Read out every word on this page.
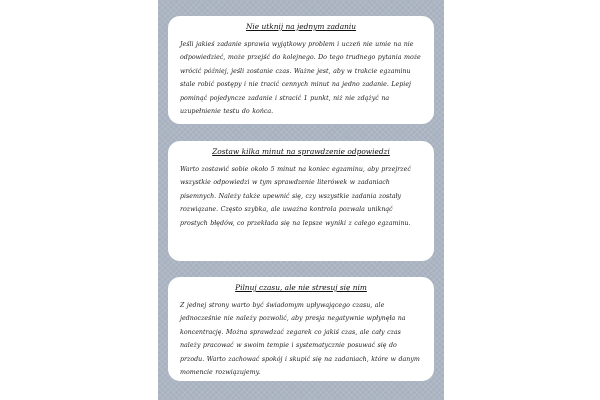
Nie utknij na jednym zadaniu

Jeśli jakieś zadanie sprawia wyjątkowy problem i uczeń nie umie na nie odpowiedzieć, może przejść do kolejnego. Do tego trudnego pytania może wrócić później, jeśli zostanie czas. Ważne jest, aby w trakcie egzaminu stale robić postępy i nie tracić cennych minut na jedno zadanie. Lepiej pominąć pojedyncze zadanie i stracić 1 punkt, niż nie zdążyć na uzupełnienie testu do końca.

Zostaw kilka minut na sprawdzenie odpowiedzi

Warto zostawić sobie około 5 minut na koniec egzaminu, aby przejrzeć wszystkie odpowiedzi w tym sprawdzenie literówek w zadaniach pisemnych. Należy także upewnić się, czy wszystkie zadania zostały rozwiązane. Często szybka, ale uważna kontrola pozwala uniknąć prostych błędów, co przekłada się na lepsze wyniki z całego egzaminu.

Pilnuj czasu, ale nie stresuj się nim

Z jednej strony warto być świadomym upływającego czasu, ale jednocześnie nie należy pozwolić, aby presja negatywnie wpłynęła na koncentrację. Można sprawdzać zegarek co jakiś czas, ale cały czas należy pracować w swoim tempie i systematycznie posuwać się do przodu. Warto zachować spokój i skupić się na zadaniach, które w danym momencie rozwiązujemy.
